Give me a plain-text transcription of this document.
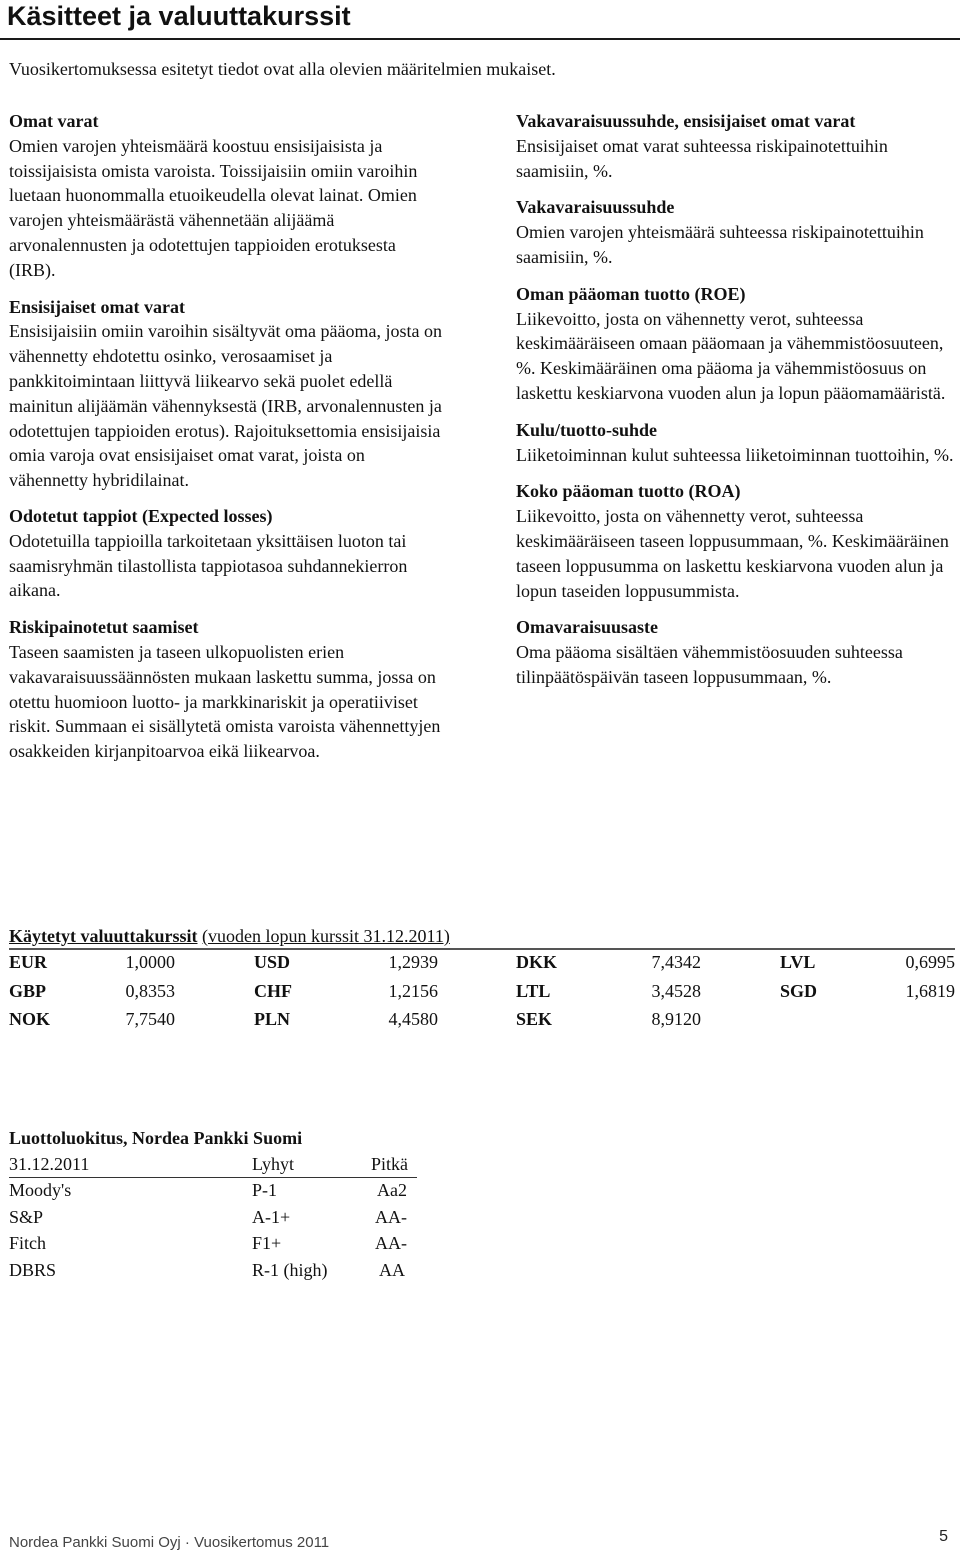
Käsitteet ja valuuttakurssit

Vuosikertomuksessa esitetyt tiedot ovat alla olevien määritelmien mukaiset.

Omat varat
Omien varojen yhteismäärä koostuu ensisijaisista ja toissijaisista omista varoista. Toissijaisiin omiin varoihin luetaan huonommalla etuoikeudella olevat lainat. Omien varojen yhteismäärästä vähennetään alijäämä arvonalennusten ja odotettujen tappioiden erotuksesta (IRB).
Ensisijaiset omat varat
Ensisijaisiin omiin varoihin sisältyvät oma pääoma, josta on vähennetty ehdotettu osinko, verosaamiset ja pankkitoimintaan liittyvä liikearvo sekä puolet edellä mainitun alijäämän vähennyksestä (IRB, arvonalennusten ja odotettujen tappioiden erotus). Rajoituksettomia ensisijaisia omia varoja ovat ensisijaiset omat varat, joista on vähennetty hybridilainat.
Odotetut tappiot (Expected losses)
Odotetuilla tappioilla tarkoitetaan yksittäisen luoton tai saamisryhmän tilastollista tappiotasoa suhdannekierron aikana.
Riskipainotetut saamiset
Taseen saamisten ja taseen ulkopuolisten erien vakavaraisuussäännösten mukaan laskettu summa, jossa on otettu huomioon luotto- ja markkinariskit ja operatiiviset riskit. Summaan ei sisällytetä omista varoista vähennettyjen osakkeiden kirjanpitoarvoa eikä liikearvoa.
Vakavaraisuussuhde, ensisijaiset omat varat
Ensisijaiset omat varat suhteessa riskipainotettuihin saamisiin, %.
Vakavaraisuussuhde
Omien varojen yhteismäärä suhteessa riskipainotettuihin saamisiin, %.
Oman pääoman tuotto (ROE)
Liikevoitto, josta on vähennetty verot, suhteessa keskimääräiseen omaan pääomaan ja vähemmistöosuuteen, %. Keskimääräinen oma pääoma ja vähemmistöosuus on laskettu keskiarvona vuoden alun ja lopun pääomamääristä.
Kulu/tuotto-suhde
Liiketoiminnan kulut suhteessa liiketoiminnan tuottoihin, %.
Koko pääoman tuotto (ROA)
Liikevoitto, josta on vähennetty verot, suhteessa keskimääräiseen taseen loppusummaan, %. Keskimääräinen taseen loppusumma on laskettu keskiarvona vuoden alun ja lopun taseiden loppusummista.
Omavaraisuusaste
Oma pääoma sisältäen vähemmistöosuuden suhteessa tilinpäätöspäivän taseen loppusummaan, %.
Käytetyt valuuttakurssit (vuoden lopun kurssit 31.12.2011)
EUR	1,0000	USD	1,2939	DKK	7,4342	LVL	0,6995
GBP	0,8353	CHF	1,2156	LTL	3,4528	SGD	1,6819
NOK	7,7540	PLN	4,4580	SEK	8,9120
Luottoluokitus, Nordea Pankki Suomi
31.12.2011	Lyhyt	Pitkä
Moody's	P-1	Aa2
S&P	A-1+	AA-
Fitch	F1+	AA-
DBRS	R-1 (high)	AA
Nordea Pankki Suomi Oyj · Vuosikertomus 2011	5
